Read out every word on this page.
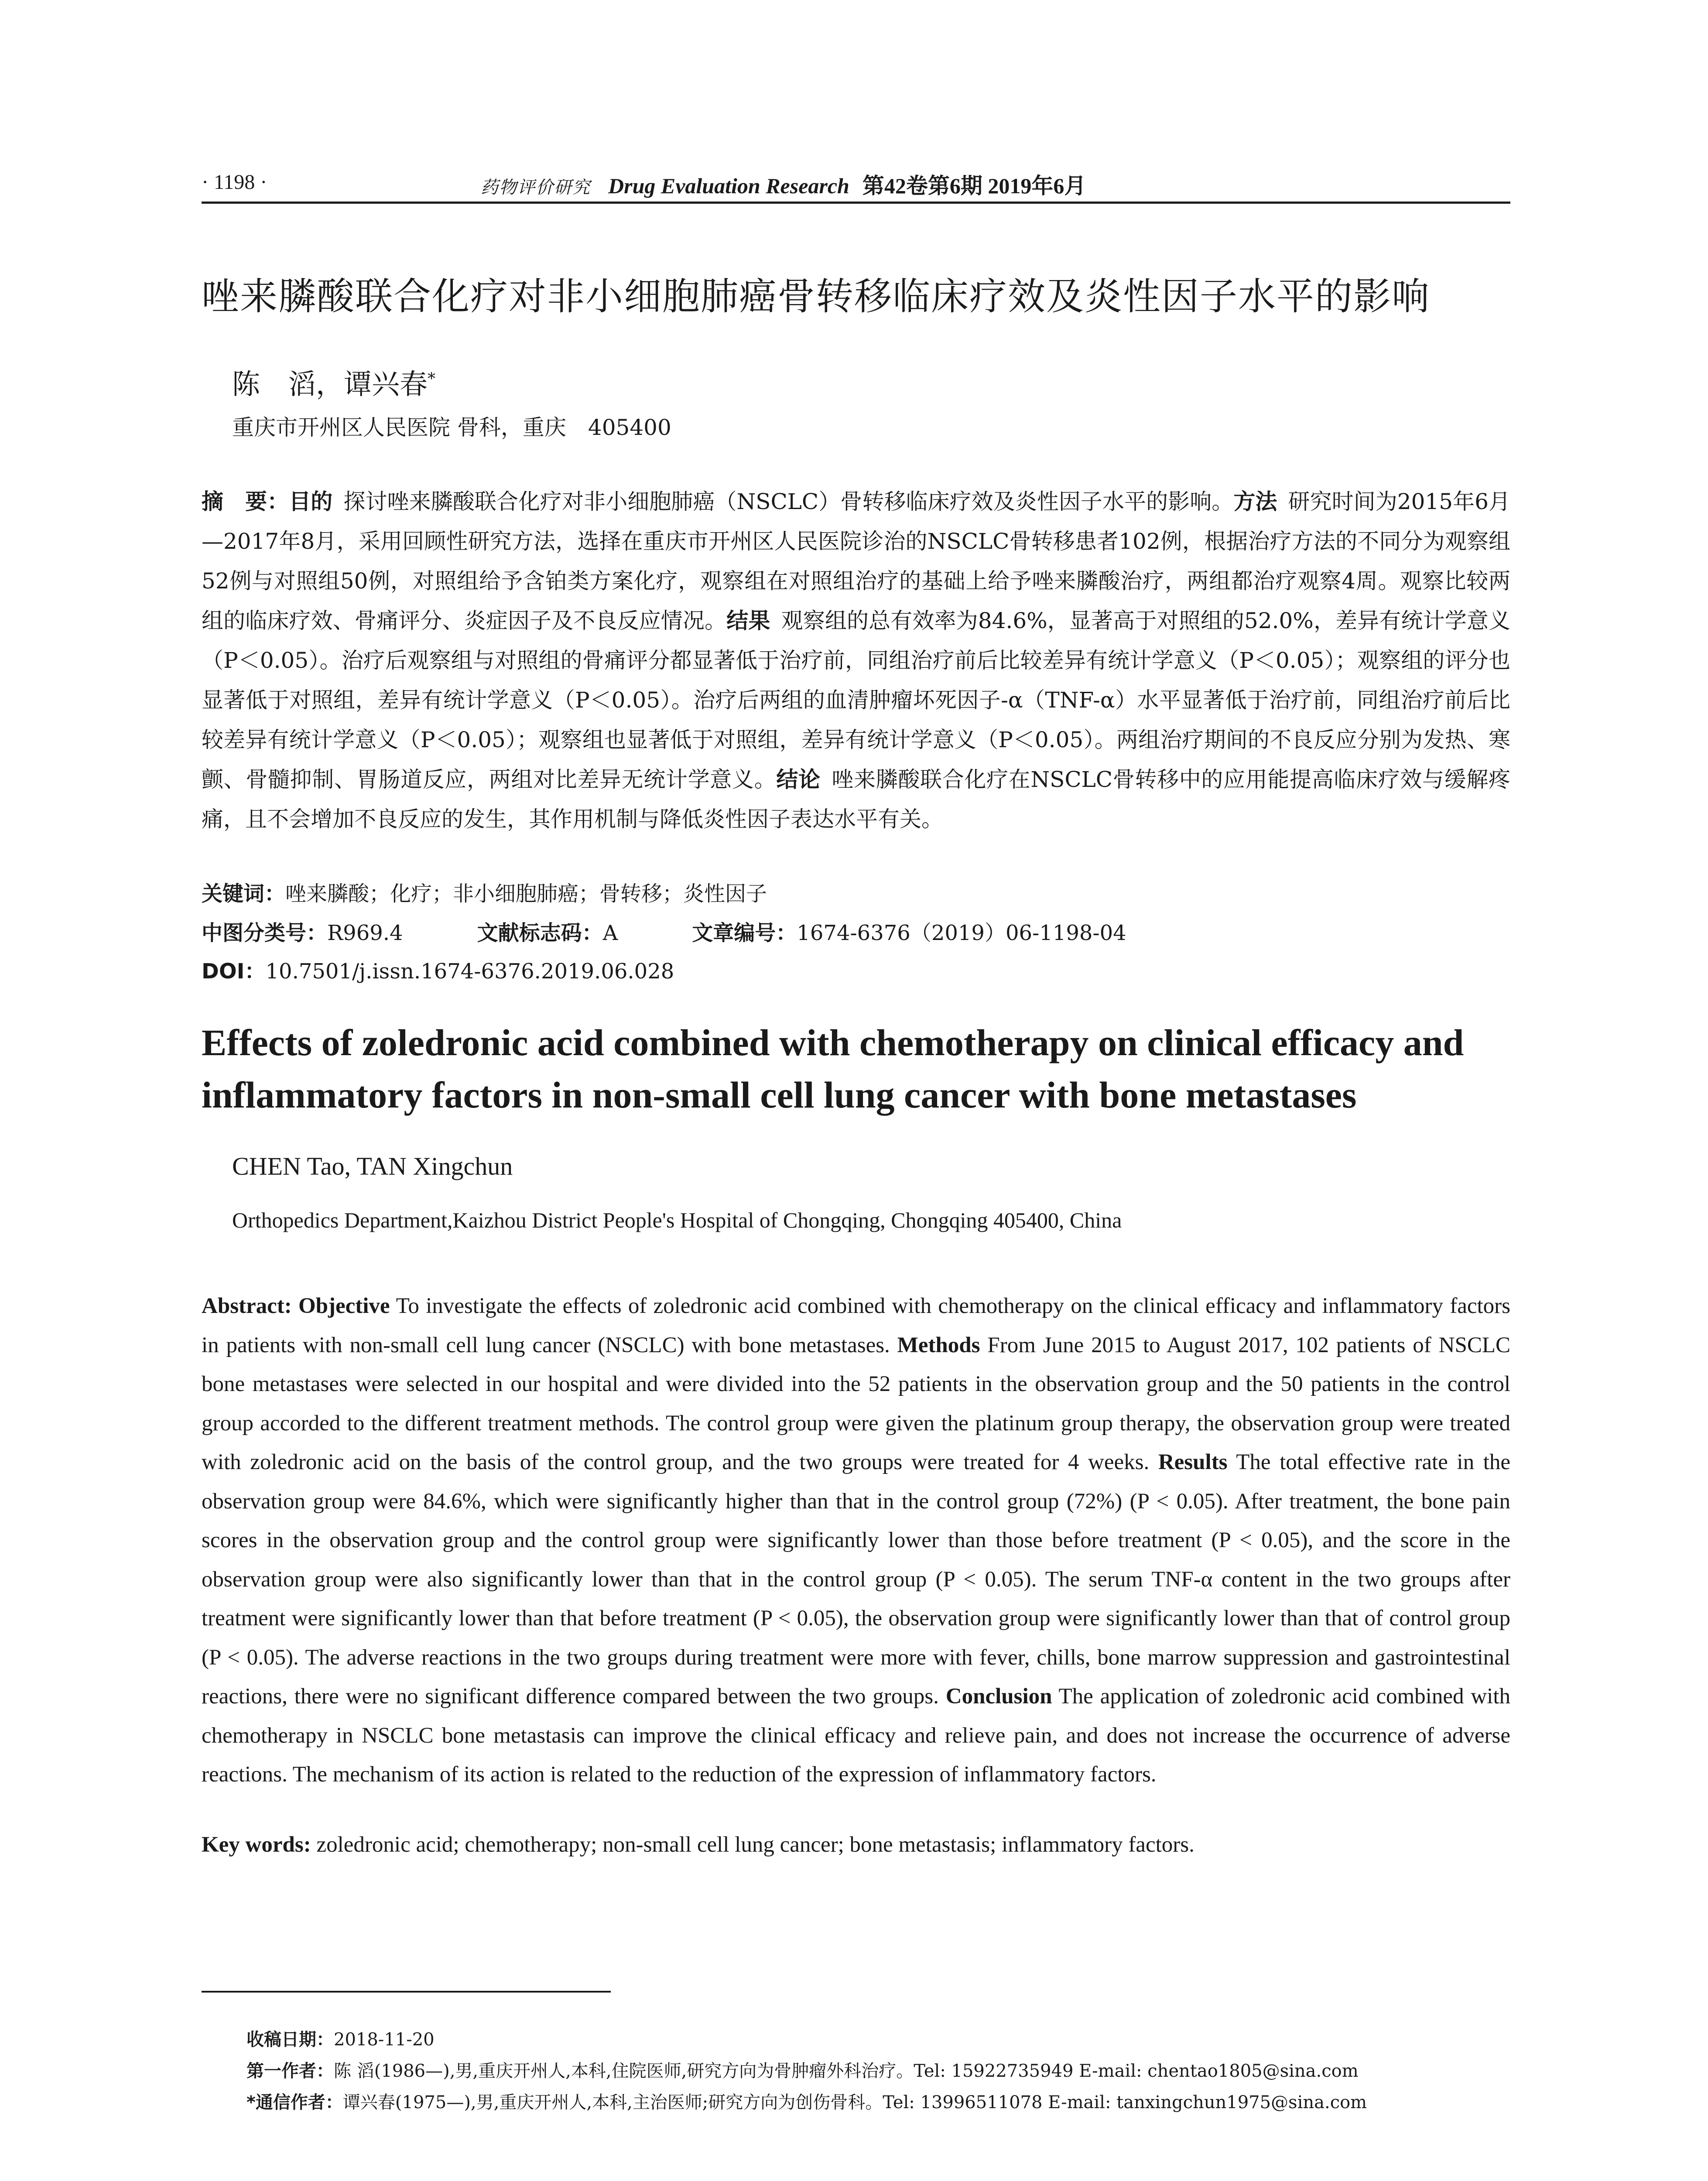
· 1198 ·	药物评价研究 Drug Evaluation Research 第42卷第6期 2019年6月
唑来膦酸联合化疗对非小细胞肺癌骨转移临床疗效及炎性因子水平的影响
陈　滔，谭兴春*
重庆市开州区人民医院 骨科，重庆　405400
摘　要：目的  探讨唑来膦酸联合化疗对非小细胞肺癌（NSCLC）骨转移临床疗效及炎性因子水平的影响。方法  研究时间为2015年6月—2017年8月，采用回顾性研究方法，选择在重庆市开州区人民医院诊治的NSCLC骨转移患者102例，根据治疗方法的不同分为观察组52例与对照组50例，对照组给予含铂类方案化疗，观察组在对照组治疗的基础上给予唑来膦酸治疗，两组都治疗观察4周。观察比较两组的临床疗效、骨痛评分、炎症因子及不良反应情况。结果  观察组的总有效率为84.6%，显著高于对照组的52.0%，差异有统计学意义（P＜0.05）。治疗后观察组与对照组的骨痛评分都显著低于治疗前，同组治疗前后比较差异有统计学意义（P＜0.05）；观察组的评分也显著低于对照组，差异有统计学意义（P＜0.05）。治疗后两组的血清肿瘤坏死因子-α（TNF-α）水平显著低于治疗前，同组治疗前后比较差异有统计学意义（P＜0.05）；观察组也显著低于对照组，差异有统计学意义（P＜0.05）。两组治疗期间的不良反应分别为发热、寒颤、骨髓抑制、胃肠道反应，两组对比差异无统计学意义。结论  唑来膦酸联合化疗在NSCLC骨转移中的应用能提高临床疗效与缓解疼痛，且不会增加不良反应的发生，其作用机制与降低炎性因子表达水平有关。
关键词：唑来膦酸；化疗；非小细胞肺癌；骨转移；炎性因子
中图分类号：R969.4	文献标志码：A	文章编号：1674-6376（2019）06-1198-04
DOI：10.7501/j.issn.1674-6376.2019.06.028
Effects of zoledronic acid combined with chemotherapy on clinical efficacy and inflammatory factors in non-small cell lung cancer with bone metastases
CHEN Tao, TAN Xingchun
Orthopedics Department,Kaizhou District People's Hospital of Chongqing, Chongqing 405400, China
Abstract: Objective To investigate the effects of zoledronic acid combined with chemotherapy on the clinical efficacy and inflammatory factors in patients with non-small cell lung cancer (NSCLC) with bone metastases. Methods From June 2015 to August 2017, 102 patients of NSCLC bone metastases were selected in our hospital and were divided into the 52 patients in the observation group and the 50 patients in the control group accorded to the different treatment methods. The control group were given the platinum group therapy, the observation group were treated with zoledronic acid on the basis of the control group, and the two groups were treated for 4 weeks. Results The total effective rate in the observation group were 84.6%, which were significantly higher than that in the control group (72%) (P < 0.05). After treatment, the bone pain scores in the observation group and the control group were significantly lower than those before treatment (P < 0.05), and the score in the observation group were also significantly lower than that in the control group (P < 0.05). The serum TNF-α content in the two groups after treatment were significantly lower than that before treatment (P < 0.05), the observation group were significantly lower than that of control group (P < 0.05). The adverse reactions in the two groups during treatment were more with fever, chills, bone marrow suppression and gastrointestinal reactions, there were no significant difference compared between the two groups. Conclusion The application of zoledronic acid combined with chemotherapy in NSCLC bone metastasis can improve the clinical efficacy and relieve pain, and does not increase the occurrence of adverse reactions. The mechanism of its action is related to the reduction of the expression of inflammatory factors.
Key words: zoledronic acid; chemotherapy; non-small cell lung cancer; bone metastasis; inflammatory factors.
收稿日期：2018-11-20
第一作者：陈 滔(1986—),男,重庆开州人,本科,住院医师,研究方向为骨肿瘤外科治疗。Tel: 15922735949 E-mail: chentao1805@sina.com
*通信作者：谭兴春(1975—),男,重庆开州人,本科,主治医师;研究方向为创伤骨科。Tel: 13996511078 E-mail: tanxingchun1975@sina.com
